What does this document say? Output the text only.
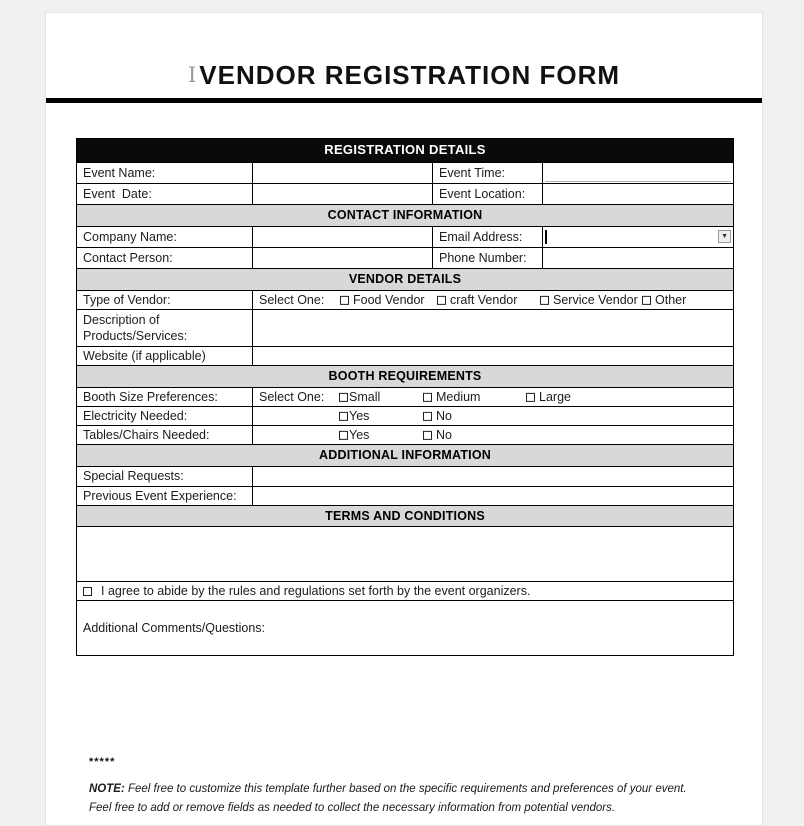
I VENDOR REGISTRATION FORM
REGISTRATION DETAILS			
Event Name:		Event Time:	

Event  Date:		Event Location:	
CONTACT INFORMATION			
Company Name:		Email Address:	▼

Contact Person:		Phone Number:	
VENDOR DETAILS			
Type of Vendor:	Select One: Food Vendor craft Vendor Service Vendor Other		

Description of Products/Services:			
Website (if applicable)			
BOOTH REQUIREMENTS			
Booth Size Preferences:	Select One: Small Medium Large		

Electricity Needed:	Yes No		

Tables/Chairs Needed:	Yes No		

ADDITIONAL INFORMATION			
Special Requests:			
Previous Event Experience:			
TERMS AND CONDITIONS			

I agree to abide by the rules and regulations set forth by the event organizers.			
Additional Comments/Questions:			
*****

NOTE: Feel free to customize this template further based on the specific requirements and preferences of your event. Feel free to add or remove fields as needed to collect the necessary information from potential vendors.
